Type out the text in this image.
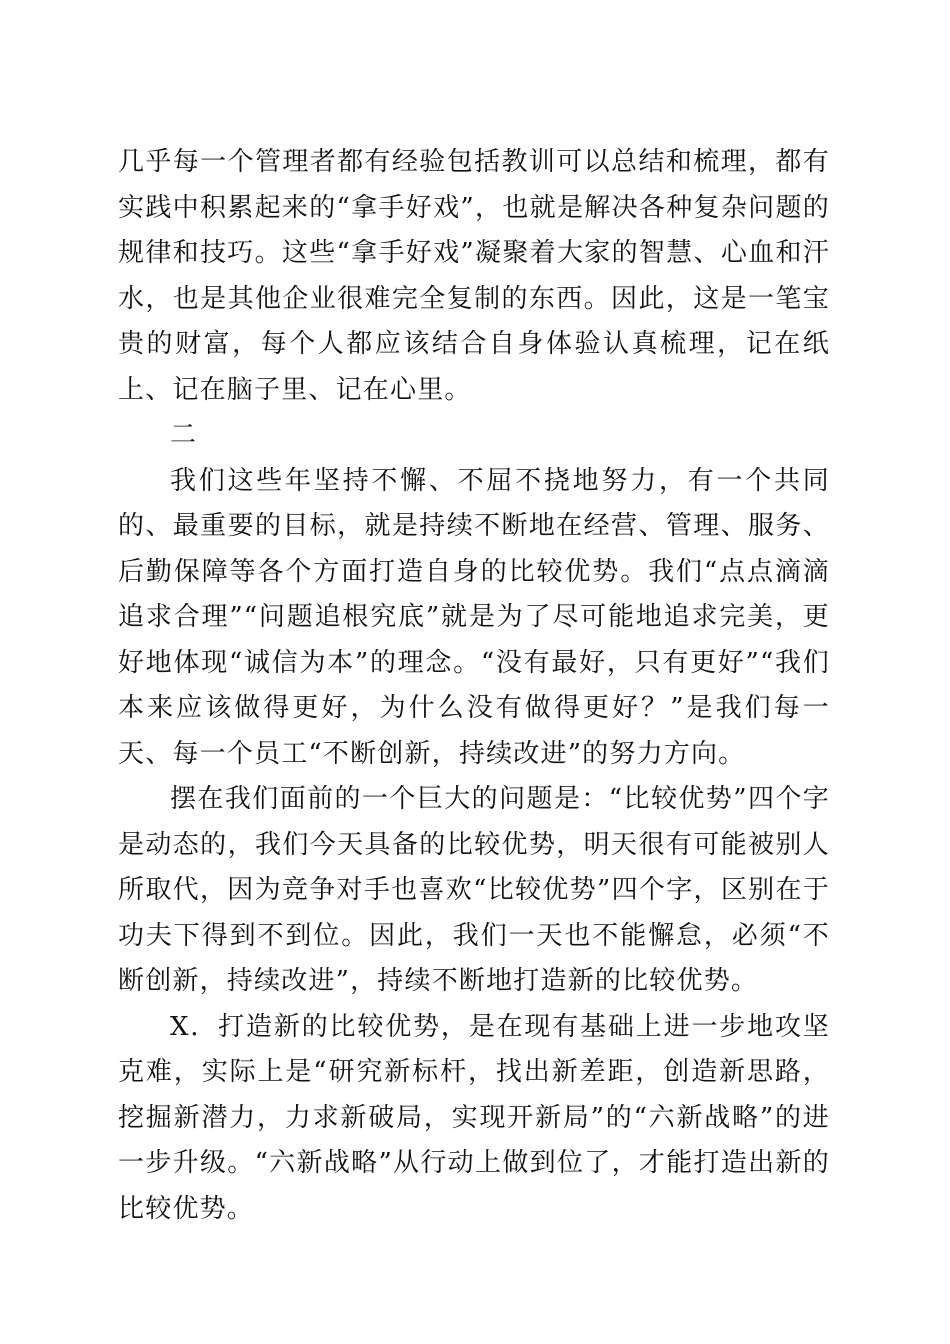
几乎每一个管理者都有经验包括教训可以总结和梳理，都有实践中积累起来的“拿手好戏”，也就是解决各种复杂问题的规律和技巧。这些“拿手好戏”凝聚着大家的智慧、心血和汗水，也是其他企业很难完全复制的东西。因此，这是一笔宝贵的财富，每个人都应该结合自身体验认真梳理，记在纸上、记在脑子里、记在心里。

二

我们这些年坚持不懈、不屈不挠地努力，有一个共同的、最重要的目标，就是持续不断地在经营、管理、服务、后勤保障等各个方面打造自身的比较优势。我们“点点滴滴追求合理”“问题追根究底”就是为了尽可能地追求完美，更好地体现“诚信为本”的理念。“没有最好，只有更好”“我们本来应该做得更好，为什么没有做得更好？”是我们每一天、每一个员工“不断创新，持续改进”的努力方向。

摆在我们面前的一个巨大的问题是：“比较优势”四个字是动态的，我们今天具备的比较优势，明天很有可能被别人所取代，因为竞争对手也喜欢“比较优势”四个字，区别在于功夫下得到不到位。因此，我们一天也不能懈怠，必须“不断创新，持续改进”，持续不断地打造新的比较优势。

X．打造新的比较优势，是在现有基础上进一步地攻坚克难，实际上是“研究新标杆，找出新差距，创造新思路，挖掘新潜力，力求新破局，实现开新局”的“六新战略”的进一步升级。“六新战略”从行动上做到位了，才能打造出新的比较优势。
